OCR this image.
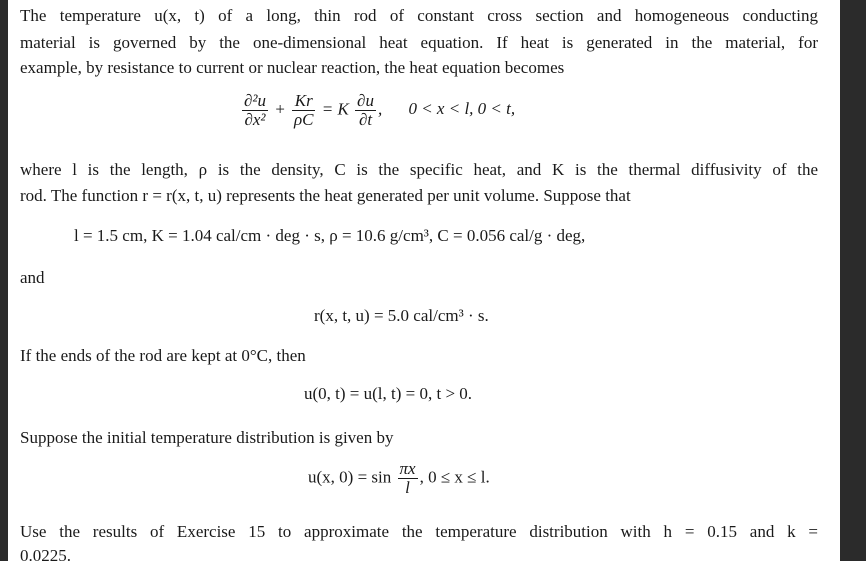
The temperature u(x, t) of a long, thin rod of constant cross section and homogeneous conducting
material is governed by the one-dimensional heat equation. If heat is generated in the material, for
example, by resistance to current or nuclear reaction, the heat equation becomes
$\frac{\text{∂²u}}{\text{∂x²}} + \frac{Kr}{\rho C} = K \frac{\partial u}{\partial t}$ , 0 < x < l, 0 < t,
where l is the length, ρ is the density, C is the specific heat, and K is the thermal diffusivity of the
rod. The function r = r(x, t, u) represents the heat generated per unit volume. Suppose that
l = 1.5 cm, K = 1.04 cal/cm · deg · s, ρ = 10.6 g/cm³, C = 0.056 cal/g · deg,
and
r(x, t, u) = 5.0 cal/cm³ · s.
If the ends of the rod are kept at 0°C, then
u(0, t) = u(l, t) = 0, t > 0.
Suppose the initial temperature distribution is given by
u(x, $0) = \sin \frac{\pi x}{l}$ , 0 ≤ x ≤ l.
Use the results of Exercise 15 to approximate the temperature distribution with h = 0.15 and k =
0.0225.
